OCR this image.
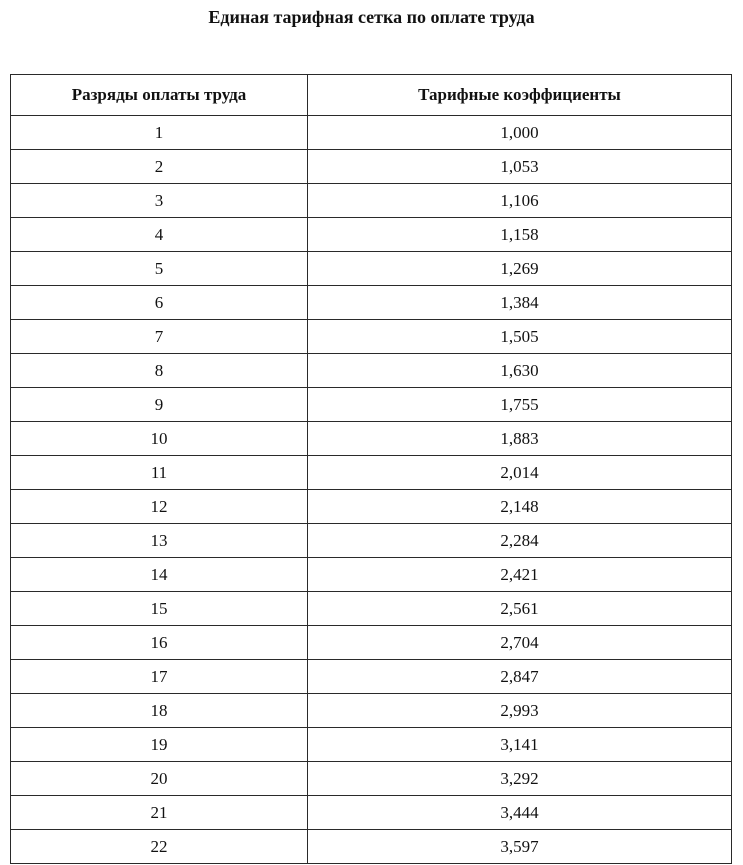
Единая тарифная сетка по оплате труда
Разряды оплаты труда	Тарифные коэффициенты
1	1,000
2	1,053
3	1,106
4	1,158
5	1,269
6	1,384
7	1,505
8	1,630
9	1,755
10	1,883
11	2,014
12	2,148
13	2,284
14	2,421
15	2,561
16	2,704
17	2,847
18	2,993
19	3,141
20	3,292
21	3,444
22	3,597
